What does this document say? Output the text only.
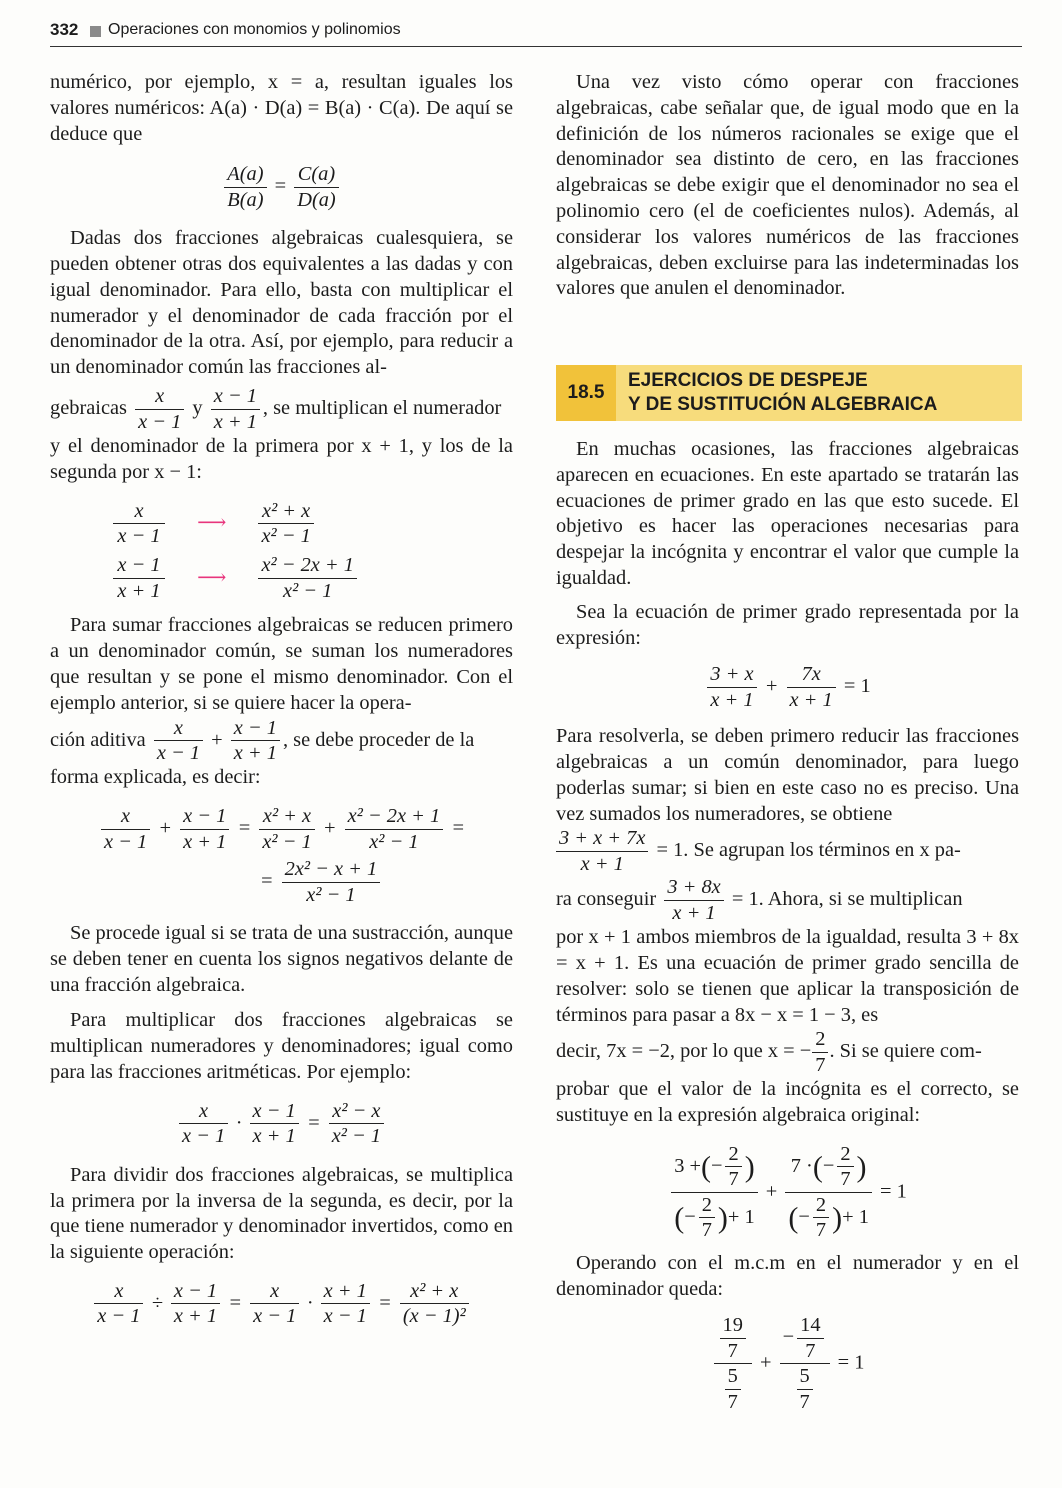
332 Operaciones con monomios y polinomios

numérico, por ejemplo, x = a, resultan iguales los valores numéricos: A(a) · D(a) = B(a) · C(a). De aquí se deduce que

$\frac{A(a)}{B(a)} = \frac{C(a)}{D(a)}$

Dadas dos fracciones algebraicas cualesquiera, se pueden obtener otras dos equivalentes a las dadas y con igual denominador. Para ello, basta con multiplicar el numerador y el denominador de cada fracción por el denominador de la otra. Así, por ejemplo, para reducir a un denominador común las fracciones al-

gebraicas $\frac{x}{x - 1}$ y $\frac{x - 1}{x + 1}$ , se multiplican el numerador

y el denominador de la primera por x + 1, y los de la segunda por x − 1:

$\frac{x}{x - 1}$ ⟶ $\frac{\text{x² + x}}{\text{x² − 1}}$
$\frac{x - 1}{x + 1}$ ⟶ $\frac{\text{x² − 2x + 1}}{\text{x² − 1}}$

Para sumar fracciones algebraicas se reducen primero a un denominador común, se suman los numeradores que resultan y se pone el mismo denominador. Con el ejemplo anterior, si se quiere hacer la opera-

ción aditiva $\frac{x}{x - 1} + \frac{x - 1}{x + 1}$ , se debe proceder de la

forma explicada, es decir:

$\frac{x}{x - 1} + \frac{x - 1}{x + 1} = \frac{\text{x² + x}}{\text{x² − 1}} + \frac{\text{x² − 2x + 1}}{\text{x² − 1}}$ =
= $\frac{\text{2x² − x + 1}}{\text{x² − 1}}$

Se procede igual si se trata de una sustracción, aunque se deben tener en cuenta los signos negativos delante de una fracción algebraica.

Para multiplicar dos fracciones algebraicas se multiplican numeradores y denominadores; igual como para las fracciones aritméticas. Por ejemplo:

$\frac{x}{x - 1} \cdot \frac{x - 1}{x + 1} = \frac{\text{x² − x}}{\text{x² − 1}}$

Para dividir dos fracciones algebraicas, se multiplica la primera por la inversa de la segunda, es decir, por la que tiene numerador y denominador invertidos, como en la siguiente operación:

$\frac{x}{x - 1} \div \frac{x - 1}{x + 1} = \frac{x}{x - 1} \cdot \frac{x + 1}{x - 1} = \frac{\text{x² + x}}{\text{(x − 1)²}}$

Una vez visto cómo operar con fracciones algebraicas, cabe señalar que, de igual modo que en la definición de los números racionales se exige que el denominador sea distinto de cero, en las fracciones algebraicas se debe exigir que el denominador no sea el polinomio cero (el de coeficientes nulos). Además, al considerar los valores numéricos de las fracciones algebraicas, deben excluirse para las indeterminadas los valores que anulen el denominador.

18.5
EJERCICIOS DE DESPEJE
Y DE SUSTITUCIÓN ALGEBRAICA

En muchas ocasiones, las fracciones algebraicas aparecen en ecuaciones. En este apartado se tratarán las ecuaciones de primer grado en las que esto sucede. El objetivo es hacer las operaciones necesarias para despejar la incógnita y encontrar el valor que cumple la igualdad.

Sea la ecuación de primer grado representada por la expresión:

$\frac{3 + x}{x + 1} + \frac{7x}{x + 1} = 1$

Para resolverla, se deben primero reducir las fracciones algebraicas a un común denominador, para luego poderlas sumar; si bien en este caso no es preciso. Una vez sumados los numeradores, se obtiene

$\frac{3 + x + 7x}{x + 1} = 1$. Se agrupan los términos en x pa-

ra conseguir $\frac{3 + 8x}{x + 1} = 1$. Ahora, si se multiplican

por x + 1 ambos miembros de la igualdad, resulta 3 + 8x = x + 1. Es una ecuación de primer grado sencilla de resolver: solo se tienen que aplicar la transposición de términos para pasar a 8x − x = 1 − 3, es

decir, 7x = −2, por lo que x = − $\frac{2}{7}$ . Si se quiere com-

probar que el valor de la incógnita es el correcto, se sustituye en la expresión algebraica original:

$\frac{3 +(- \frac{2}{7} )}{(- \frac{2}{7} )+ 1} + \frac{7 \cdot(- \frac{2}{7} )}{(- \frac{2}{7} )+ 1} = 1$

Operando con el m.c.m en el numerador y en el denominador queda:

$\frac{\frac{19}{7}}{\frac{5}{7}} + \frac{- \frac{14}{7}}{\frac{5}{7}} = 1$
